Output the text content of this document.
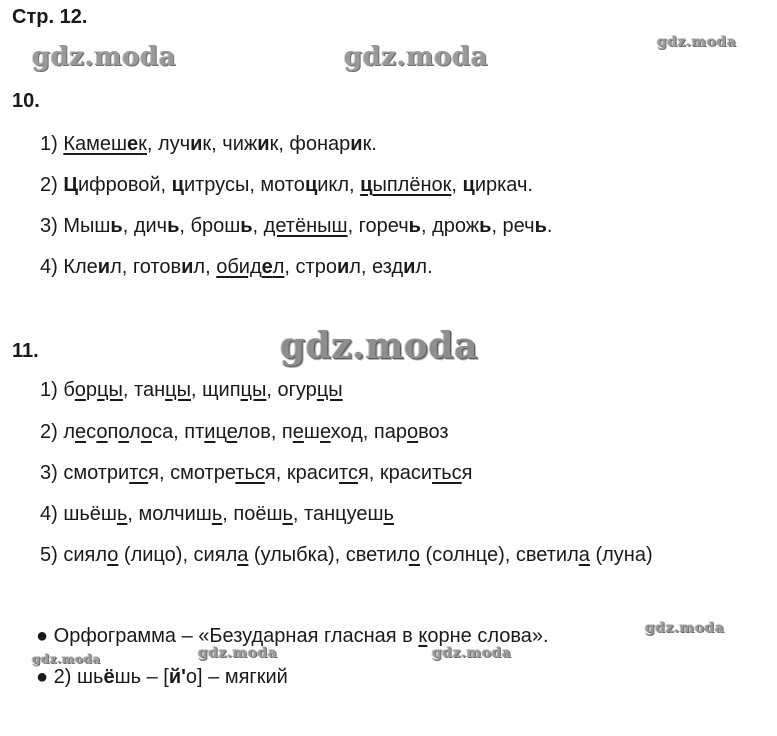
Стр. 12.
gdz.moda	gdz.moda	gdz.moda
gdz.moda
gdz.moda
gdz.moda	gdz.moda	gdz.moda
10.
1) Камешек, лучик, чижик, фонарик.
2) Цифровой, цитрусы, мотоцикл, цыплёнок, циркач.
3) Мышь, дичь, брошь, детёныш, горечь, дрожь, речь.
4) Клеил, готовил, обидел, строил, ездил.
11.
1) борцы, танцы, щипцы, огурцы
2) лесополоса, птицелов, пешеход, паровоз
3) смотрится, смотреться, красится, краситься
4) шьёшь, молчишь, поёшь, танцуешь
5) сияло (лицо), сияла (улыбка), светило (солнце), светила (луна)
● Орфограмма – «Безударная гласная в корне слова».
● 2) шьёшь – [й'о] – мягкий
